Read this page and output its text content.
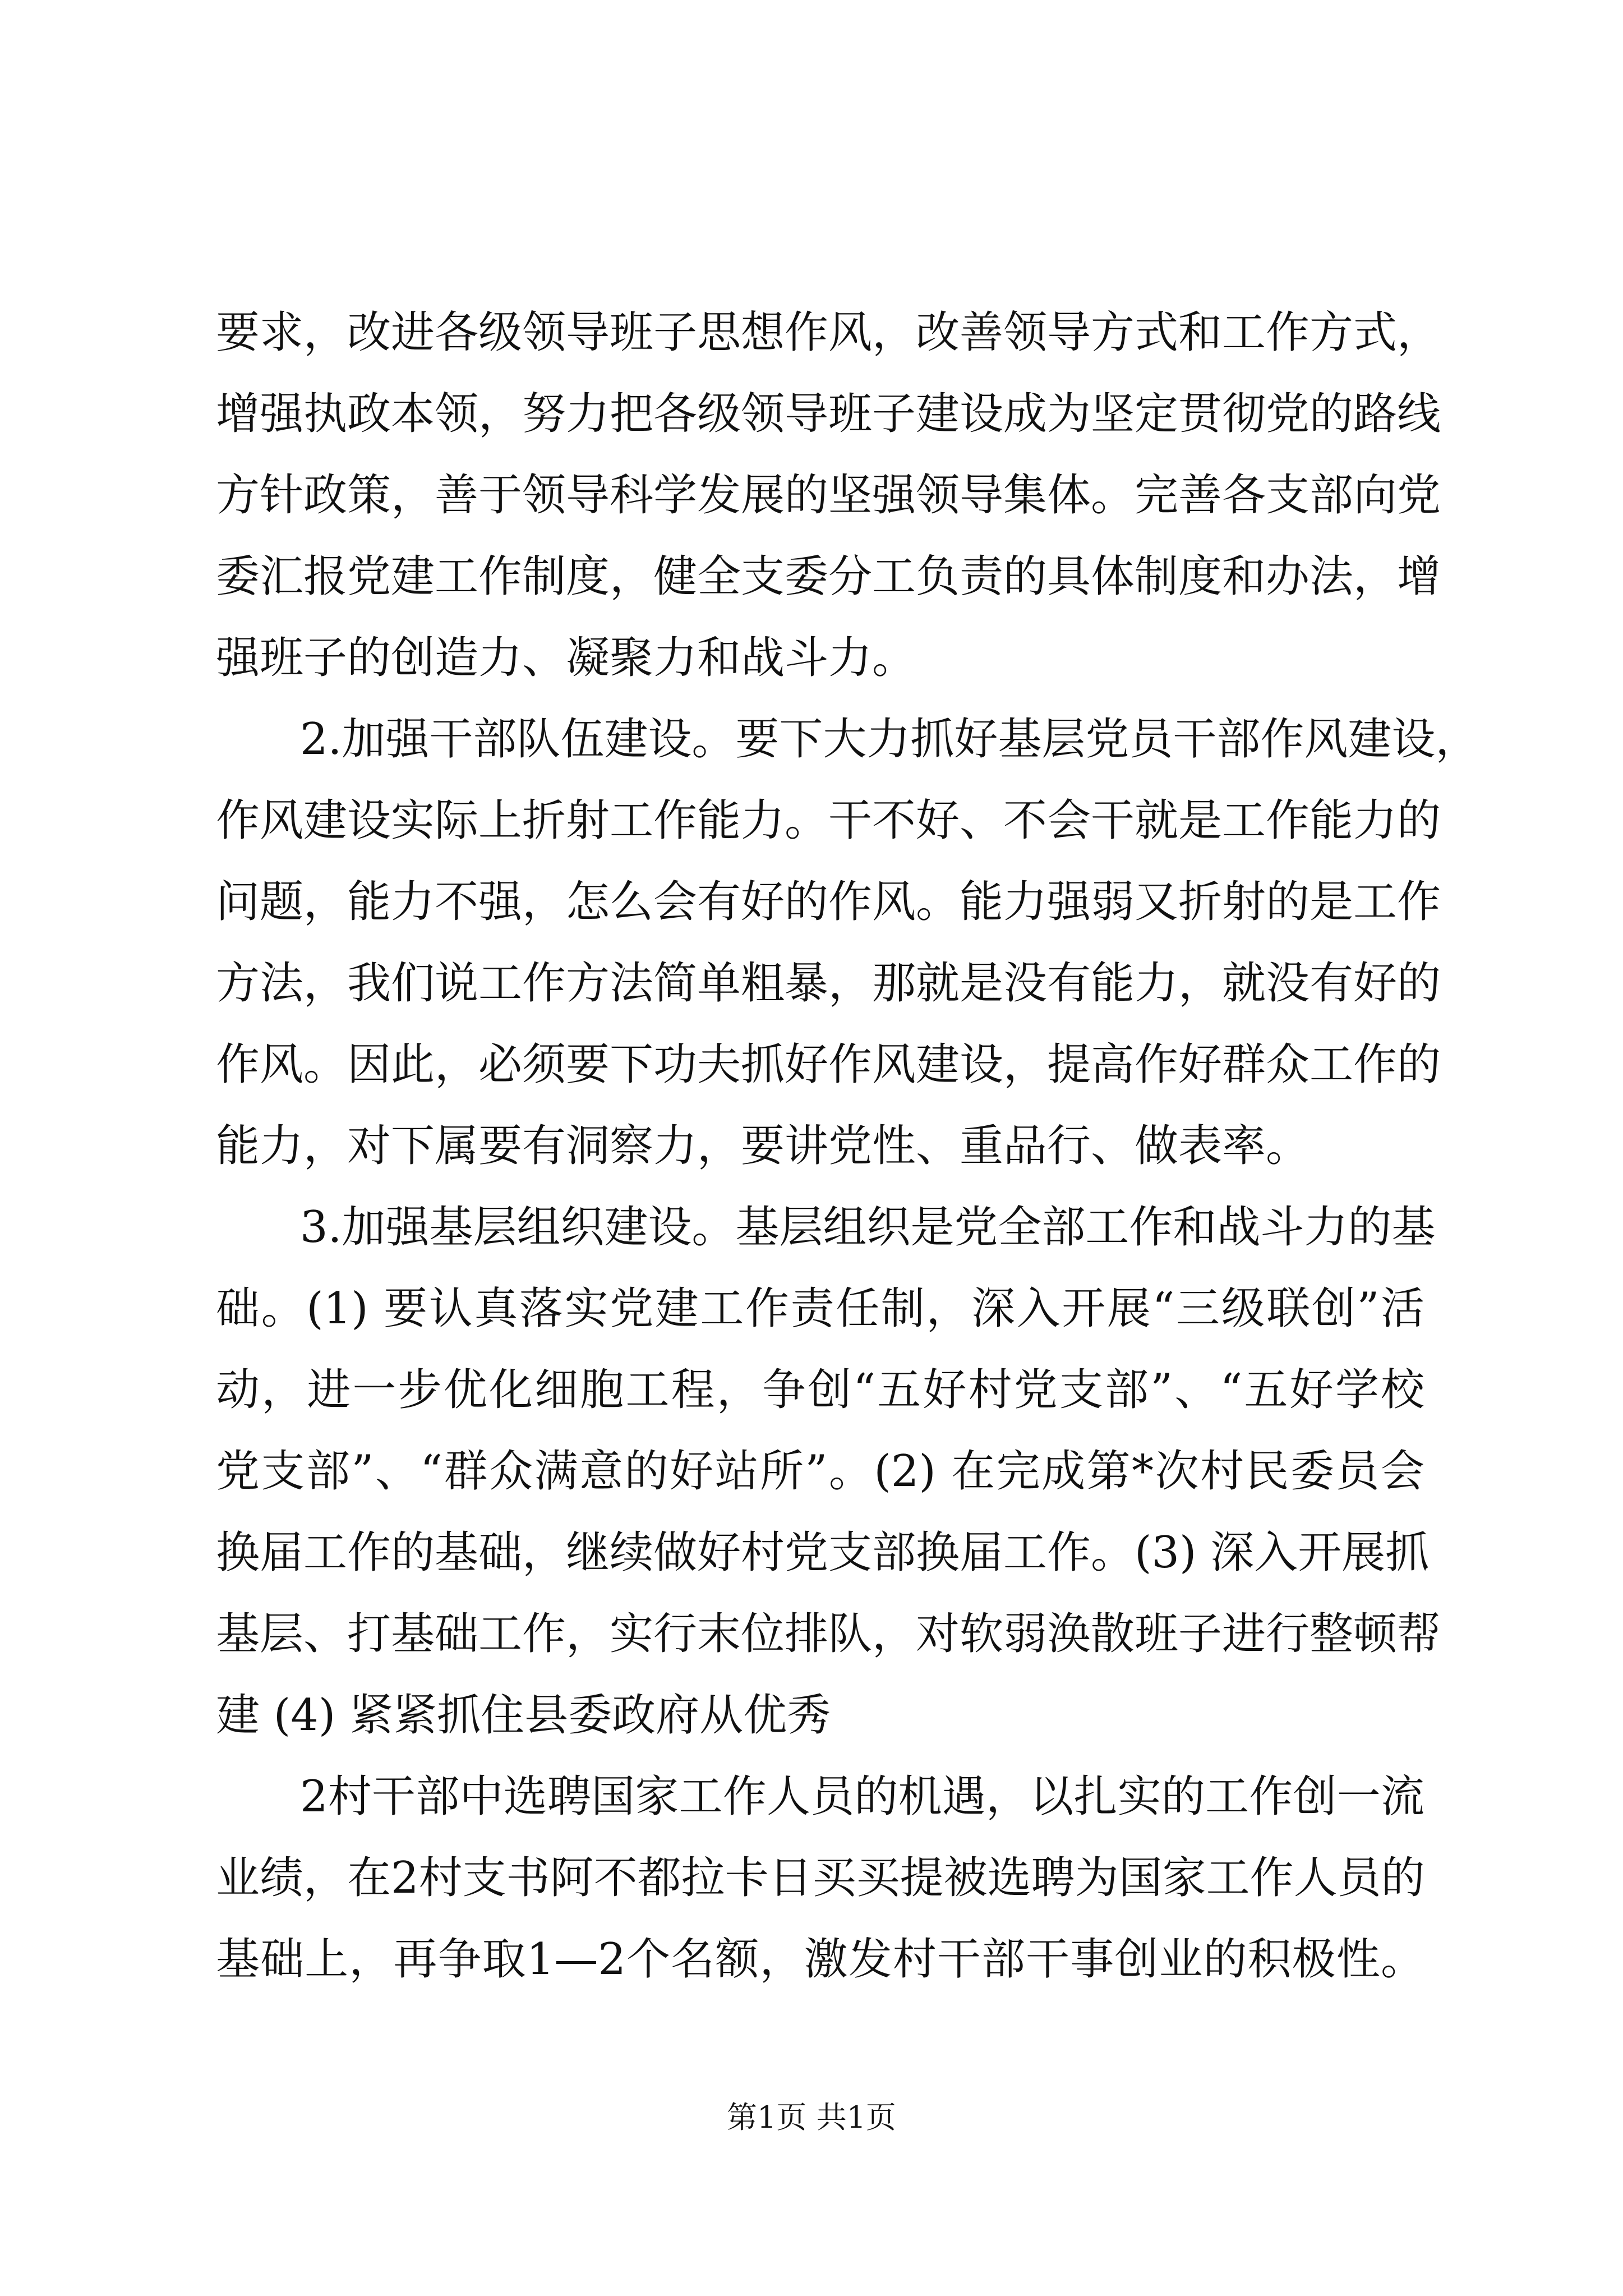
要求，改进各级领导班子思想作风，改善领导方式和工作方式，
增强执政本领，努力把各级领导班子建设成为坚定贯彻党的路线
方针政策，善于领导科学发展的坚强领导集体。完善各支部向党
委汇报党建工作制度，健全支委分工负责的具体制度和办法，增
强班子的创造力、凝聚力和战斗力。
2.加强干部队伍建设。要下大力抓好基层党员干部作风建设，
作风建设实际上折射工作能力。干不好、不会干就是工作能力的
问题，能力不强，怎么会有好的作风。能力强弱又折射的是工作
方法，我们说工作方法简单粗暴，那就是没有能力，就没有好的
作风。因此，必须要下功夫抓好作风建设，提高作好群众工作的
能力，对下属要有洞察力，要讲党性、重品行、做表率。
3.加强基层组织建设。基层组织是党全部工作和战斗力的基
础。(1) 要认真落实党建工作责任制，深入开展“三级联创”活
动，进一步优化细胞工程，争创“五好村党支部”、“五好学校
党支部”、“群众满意的好站所”。(2) 在完成第*次村民委员会
换届工作的基础，继续做好村党支部换届工作。(3) 深入开展抓
基层、打基础工作，实行末位排队，对软弱涣散班子进行整顿帮
建 (4) 紧紧抓住县委政府从优秀
2村干部中选聘国家工作人员的机遇，以扎实的工作创一流
业绩，在2村支书阿不都拉卡日买买提被选聘为国家工作人员的
基础上，再争取1—2个名额，激发村干部干事创业的积极性。
第1页 共1页
